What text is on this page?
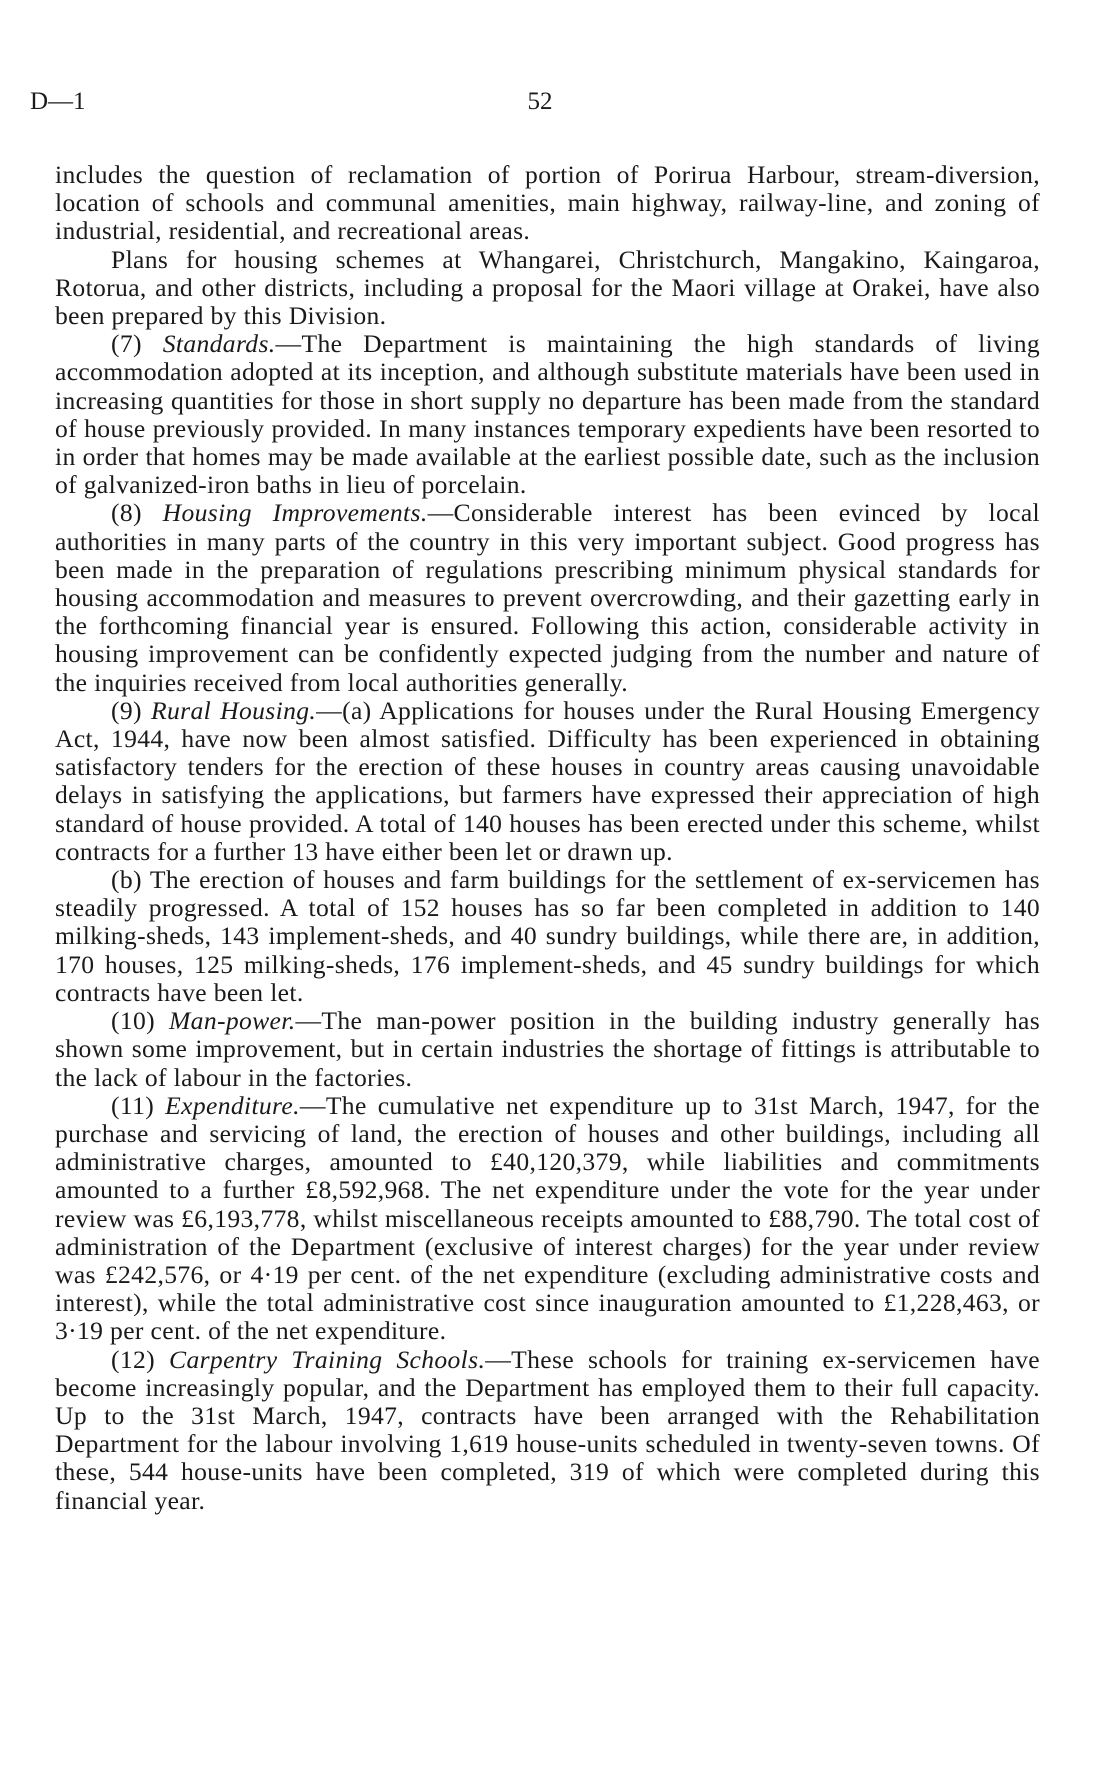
D—1	52

includes the question of reclamation of portion of Porirua Harbour, stream-diversion, location of schools and communal amenities, main highway, railway-line, and zoning of industrial, residential, and recreational areas.

Plans for housing schemes at Whangarei, Christchurch, Mangakino, Kaingaroa, Rotorua, and other districts, including a proposal for the Maori village at Orakei, have also been prepared by this Division.

(7) Standards.—The Department is maintaining the high standards of living accommodation adopted at its inception, and although substitute materials have been used in increasing quantities for those in short supply no departure has been made from the standard of house previously provided. In many instances temporary expedients have been resorted to in order that homes may be made available at the earliest possible date, such as the inclusion of galvanized-iron baths in lieu of porcelain.

(8) Housing Improvements.—Considerable interest has been evinced by local authorities in many parts of the country in this very important subject. Good progress has been made in the preparation of regulations prescribing minimum physical standards for housing accommodation and measures to prevent overcrowding, and their gazetting early in the forthcoming financial year is ensured. Following this action, considerable activity in housing improvement can be confidently expected judging from the number and nature of the inquiries received from local authorities generally.

(9) Rural Housing.—(a) Applications for houses under the Rural Housing Emergency Act, 1944, have now been almost satisfied. Difficulty has been experienced in obtaining satisfactory tenders for the erection of these houses in country areas causing unavoidable delays in satisfying the applications, but farmers have expressed their appreciation of high standard of house provided. A total of 140 houses has been erected under this scheme, whilst contracts for a further 13 have either been let or drawn up.

(b) The erection of houses and farm buildings for the settlement of ex-servicemen has steadily progressed. A total of 152 houses has so far been completed in addition to 140 milking-sheds, 143 implement-sheds, and 40 sundry buildings, while there are, in addition, 170 houses, 125 milking-sheds, 176 implement-sheds, and 45 sundry buildings for which contracts have been let.

(10) Man-power.—The man-power position in the building industry generally has shown some improvement, but in certain industries the shortage of fittings is attributable to the lack of labour in the factories.

(11) Expenditure.—The cumulative net expenditure up to 31st March, 1947, for the purchase and servicing of land, the erection of houses and other buildings, including all administrative charges, amounted to £40,120,379, while liabilities and commitments amounted to a further £8,592,968. The net expenditure under the vote for the year under review was £6,193,778, whilst miscellaneous receipts amounted to £88,790. The total cost of administration of the Department (exclusive of interest charges) for the year under review was £242,576, or 4·19 per cent. of the net expenditure (excluding administrative costs and interest), while the total administrative cost since inauguration amounted to £1,228,463, or 3·19 per cent. of the net expenditure.

(12) Carpentry Training Schools.—These schools for training ex-servicemen have become increasingly popular, and the Department has employed them to their full capacity. Up to the 31st March, 1947, contracts have been arranged with the Rehabilitation Department for the labour involving 1,619 house-units scheduled in twenty-seven towns. Of these, 544 house-units have been completed, 319 of which were completed during this financial year.
